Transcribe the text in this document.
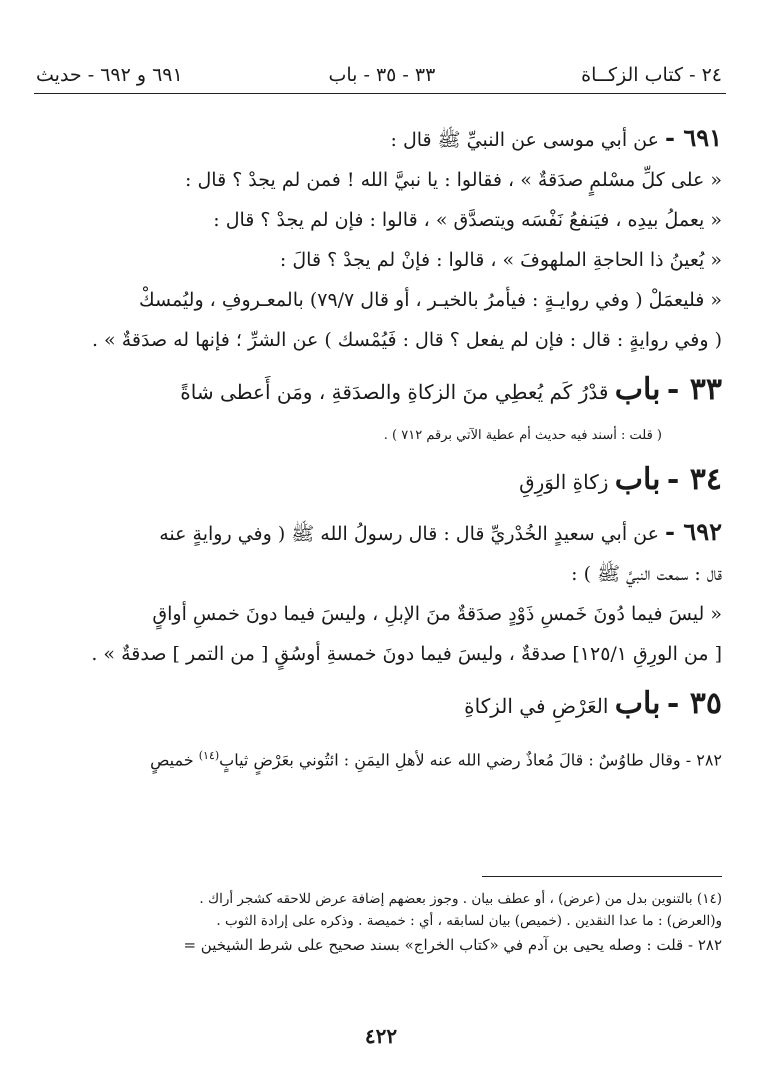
٢٤ - كتاب الزكــاة
٣٣ - ٣٥ - باب
٦٩١ و ٦٩٢ - حديث

٦٩١ - عن أبي موسى عن النبيِّ ﷺ قال :

« على كلِّ مسْلمٍ صدَقةٌ » ، فقالوا : يا نبيَّ الله ! فمن لم يجدْ ؟ قال :

« يعملُ بيدِه ، فيَنفعُ نَفْسَه ويتصدَّق » ، قالوا : فإن لم يجدْ ؟ قال :

« يُعينُ ذا الحاجةِ الملهوفَ » ، قالوا : فإنْ لم يجدْ ؟ قالَ :

« فليعمَلْ ( وفي روايـةٍ : فيأمرُ بالخيـر ، أو قال ٧٩/٧) بالمعـروفِ ، وليُمسكْ

( وفي روايةٍ : قال : فإن لم يفعل ؟ قال : فَيُمْسك ) عن الشرِّ ؛ فإنها له صدَقةٌ » .

٣٣ - باب قدْرُ كَم يُعطِي منَ الزكاةِ والصدَقةِ ، ومَن أَعطى شاةً

( قلت : أسند فيه حديث أم عطية الآتي برقم ٧١٢ ) .

٣٤ - باب زكاةِ الوَرِقِ

٦٩٢ - عن أبي سعيدٍ الخُدْريِّ قال : قال رسولُ الله ﷺ ( وفي روايةٍ عنه

قال : سمعت النبيَّ ﷺ ) :

« ليسَ فيما دُونَ خَمسِ ذَوْدٍ صدَقةٌ منَ الإبلِ ، وليسَ فيما دونَ خمسِ أواقٍ

[ من الورِقِ ١٢٥/١] صدقةٌ ، وليسَ فيما دونَ خمسةِ أوسُقٍ [ من التمر ] صدقةٌ » .

٣٥ - باب العَرْضِ في الزكاةِ

٢٨٢ - وقال طاوُسٌ : قالَ مُعاذٌ رضي الله عنه لأهلِ اليمَنِ : ائتُوني بعَرْضٍ ثيابٍ$^{(١٤)}$ خميصٍ

(١٤) بالتنوين بدل من (عرض) ، أو عطف بيان . وجوز بعضهم إضافة عرض للاحقه كشجر أراك .

و(العرض) : ما عدا النقدين . (خميص) بيان لسابقه ، أي : خميصة . وذكره على إرادة الثوب .

٢٨٢ - قلت : وصله يحيى بن آدم في «كتاب الخراج» بسند صحيح على شرط الشيخين =

٤٢٢
